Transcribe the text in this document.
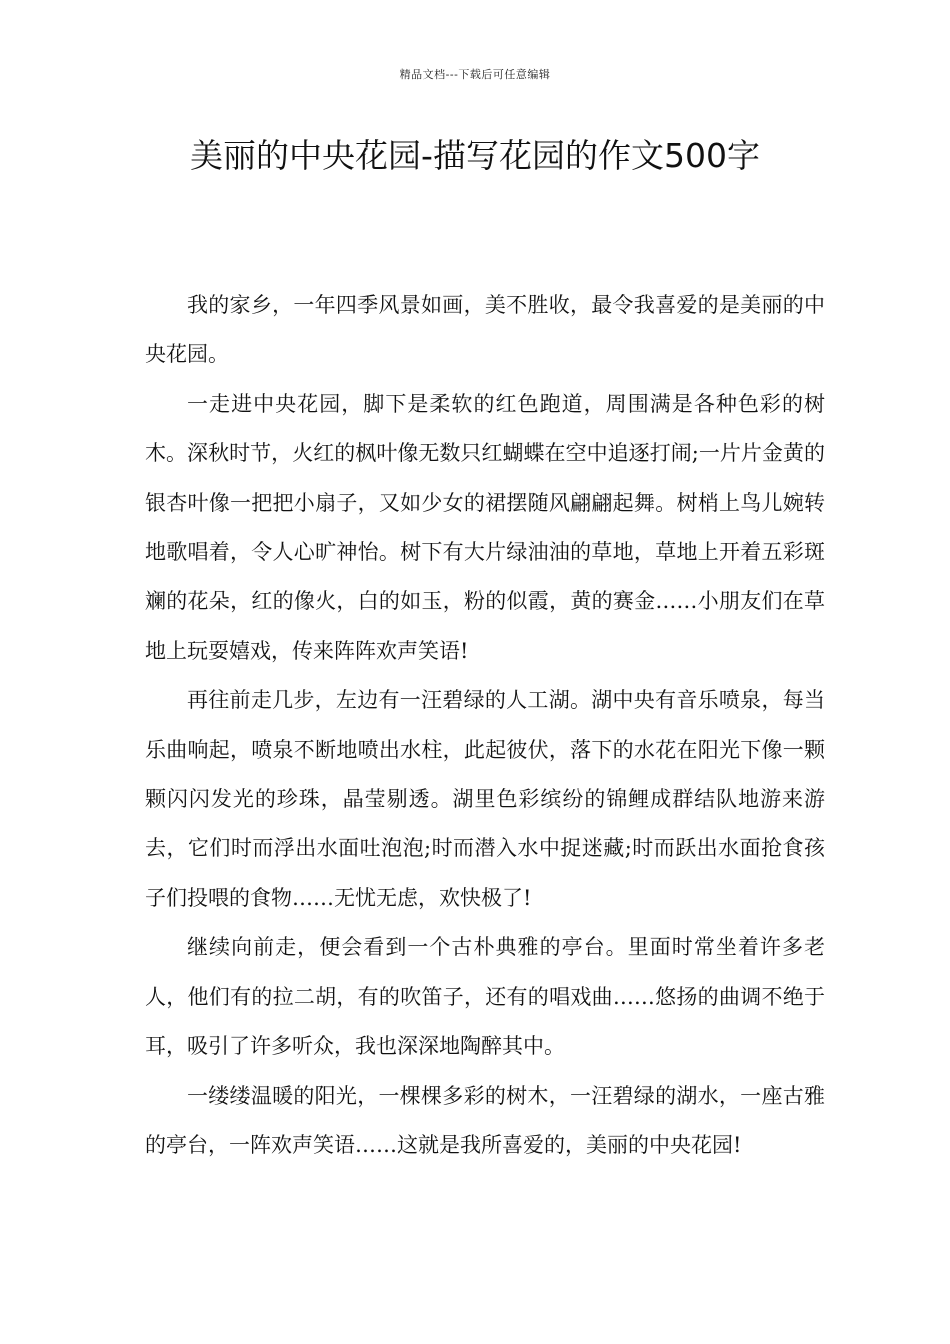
精品文档---下载后可任意编辑
美丽的中央花园-描写花园的作文500字

我的家乡，一年四季风景如画，美不胜收，最令我喜爱的是美丽的中央花园。

一走进中央花园，脚下是柔软的红色跑道，周围满是各种色彩的树木。深秋时节，火红的枫叶像无数只红蝴蝶在空中追逐打闹;一片片金黄的银杏叶像一把把小扇子，又如少女的裙摆随风翩翩起舞。树梢上鸟儿婉转地歌唱着，令人心旷神怡。树下有大片绿油油的草地，草地上开着五彩斑斓的花朵，红的像火，白的如玉，粉的似霞，黄的赛金……小朋友们在草地上玩耍嬉戏，传来阵阵欢声笑语!

再往前走几步，左边有一汪碧绿的人工湖。湖中央有音乐喷泉，每当乐曲响起，喷泉不断地喷出水柱，此起彼伏，落下的水花在阳光下像一颗颗闪闪发光的珍珠，晶莹剔透。湖里色彩缤纷的锦鲤成群结队地游来游去，它们时而浮出水面吐泡泡;时而潜入水中捉迷藏;时而跃出水面抢食孩子们投喂的食物……无忧无虑，欢快极了!

继续向前走，便会看到一个古朴典雅的亭台。里面时常坐着许多老人，他们有的拉二胡，有的吹笛子，还有的唱戏曲……悠扬的曲调不绝于耳，吸引了许多听众，我也深深地陶醉其中。

一缕缕温暖的阳光，一棵棵多彩的树木，一汪碧绿的湖水，一座古雅的亭台，一阵欢声笑语……这就是我所喜爱的，美丽的中央花园!
